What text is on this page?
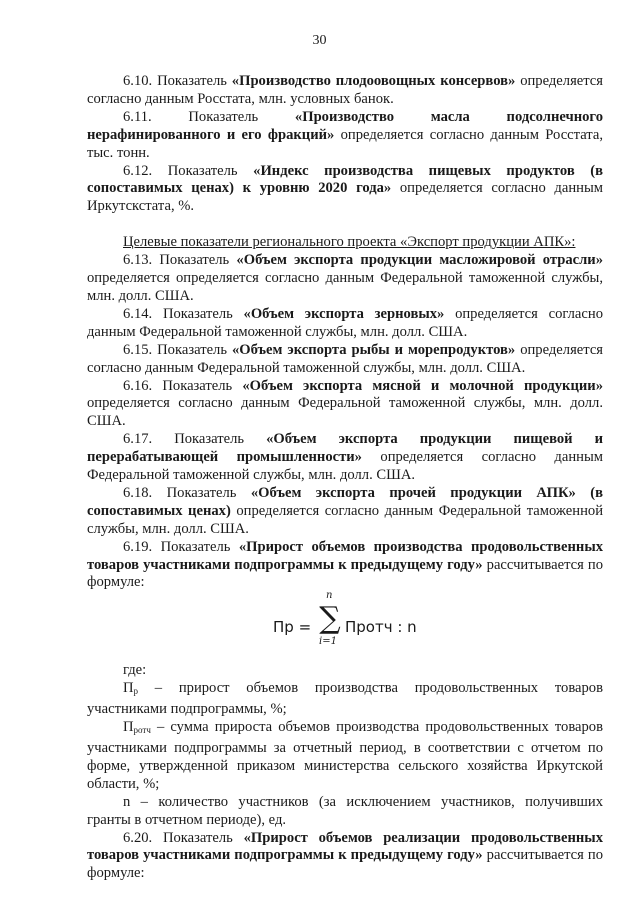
30

6.10. Показатель «Производство плодоовощных консервов» определяется согласно данным Росстата, млн. условных банок.

6.11. Показатель «Производство масла подсолнечного нерафинированного и его фракций» определяется согласно данным Росстата, тыс. тонн.

6.12. Показатель «Индекс производства пищевых продуктов (в сопоставимых ценах) к уровню 2020 года» определяется согласно данным Иркутскстата, %.

Целевые показатели регионального проекта «Экспорт продукции АПК»:

6.13. Показатель «Объем экспорта продукции масложировой отрасли» определяется определяется согласно данным Федеральной таможенной службы, млн. долл. США.

6.14. Показатель «Объем экспорта зерновых» определяется согласно данным Федеральной таможенной службы, млн. долл. США.

6.15. Показатель «Объем экспорта рыбы и морепродуктов» определяется согласно данным Федеральной таможенной службы, млн. долл. США.

6.16. Показатель «Объем экспорта мясной и молочной продукции» определяется согласно данным Федеральной таможенной службы, млн. долл. США.

6.17. Показатель «Объем экспорта продукции пищевой и перерабатывающей промышленности» определяется согласно данным Федеральной таможенной службы, млн. долл. США.

6.18. Показатель «Объем экспорта прочей продукции АПК» (в сопоставимых ценах) определяется согласно данным Федеральной таможенной службы, млн. долл. США.

6.19. Показатель «Прирост объемов производства продовольственных товаров участниками подпрограммы к предыдущему году» рассчитывается по формуле:

Пр = ∑
n
i=1
Протч : n

где:

$П_р$ – прирост объемов производства продовольственных товаров участниками подпрограммы, %;

$П_{ротч}$ – сумма прироста объемов производства продовольственных товаров участниками подпрограммы за отчетный период, в соответствии с отчетом по форме, утвержденной приказом министерства сельского хозяйства Иркутской области, %;

n – количество участников (за исключением участников, получивших гранты в отчетном периоде), ед.

6.20. Показатель «Прирост объемов реализации продовольственных товаров участниками подпрограммы к предыдущему году» рассчитывается по формуле:
